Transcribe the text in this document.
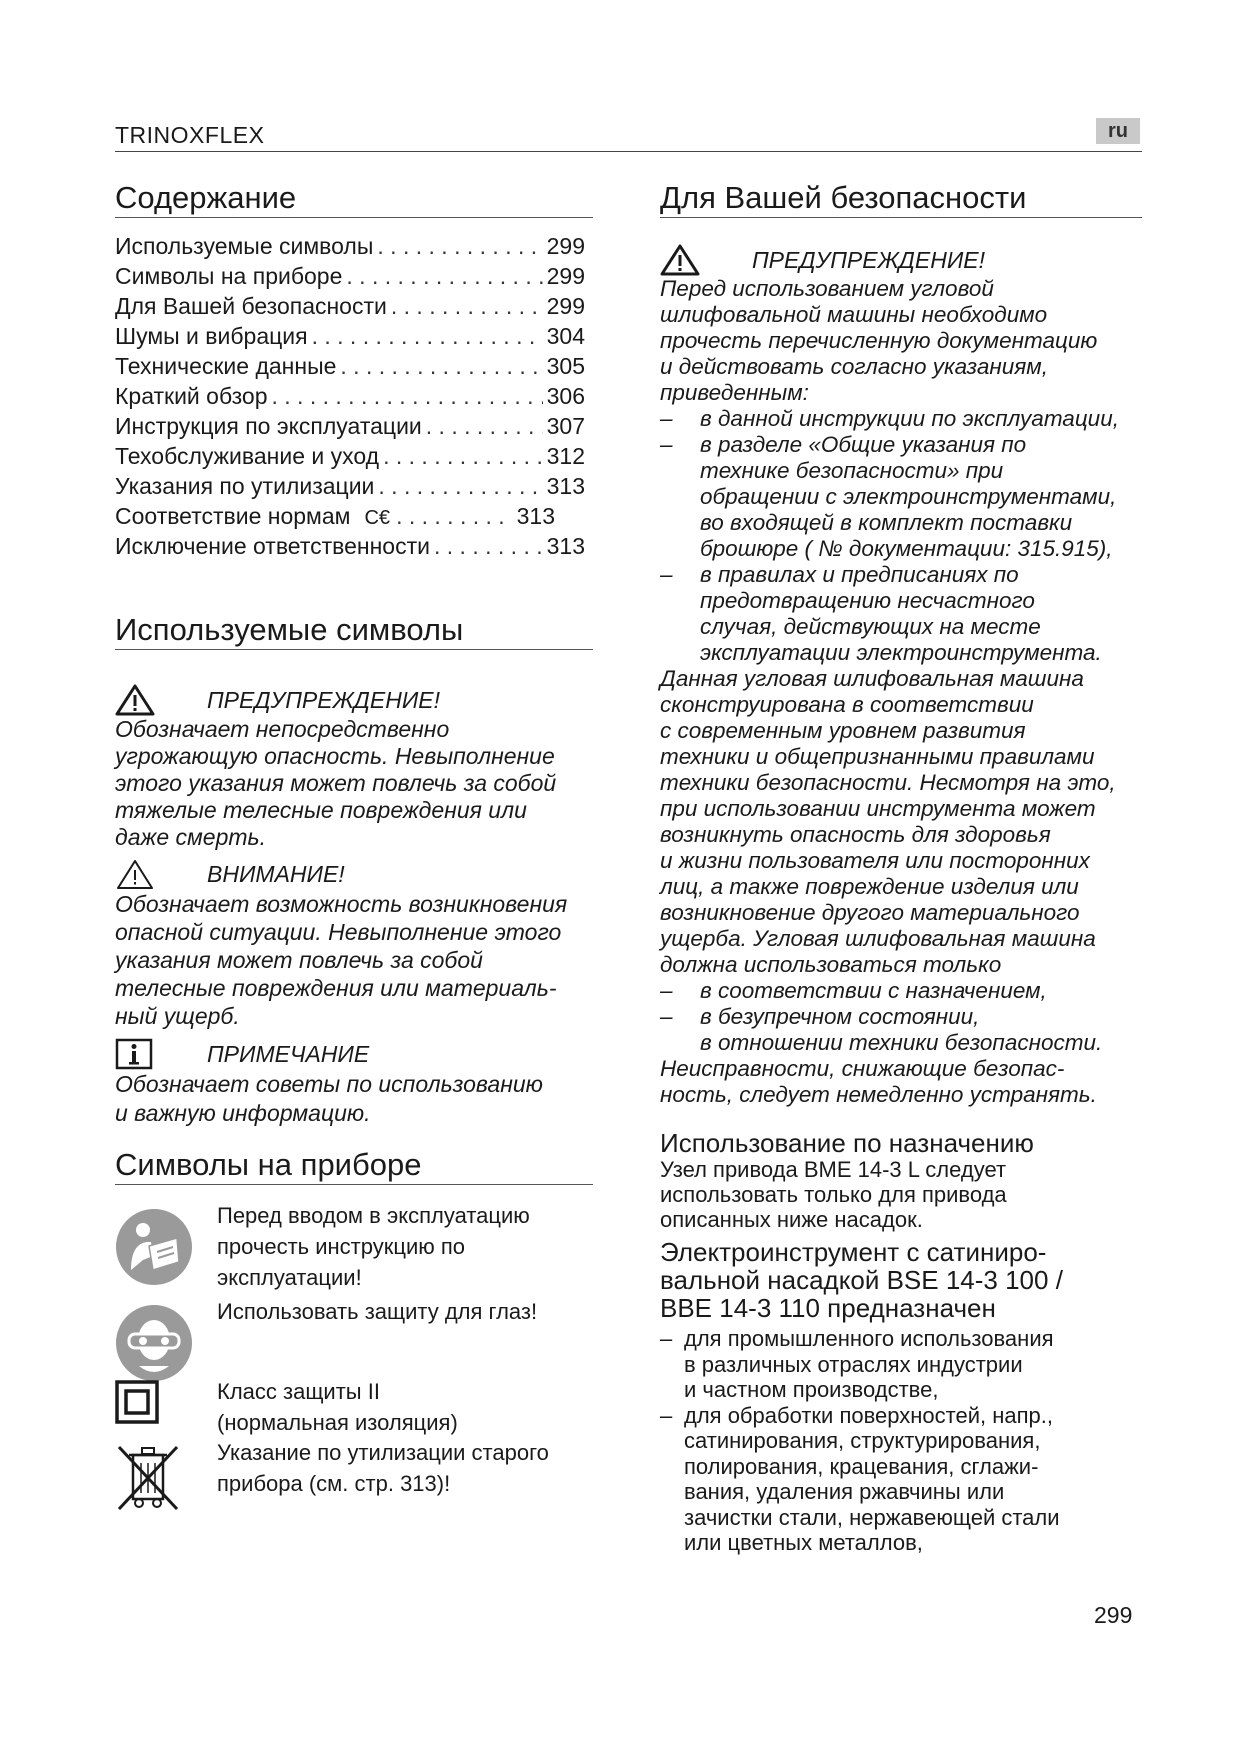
TRINOXFLEX	ru
Содержание
Используемые символы . . .	299
Символы на приборе . . .	299
Для Вашей безопасности . . .	299
Шумы и вибрация . . .	304
Технические данные . . .	305
Краткий обзор . . .	306
Инструкция по эксплуатации . . .	307
Техобслуживание и уход . . .	312
Указания по утилизации . . .	313
Соответствие нормам C€ . . .	313
Исключение ответственности . . .	313
Используемые символы
ПРЕДУПРЕЖДЕНИЕ!
Обозначает непосредственно
угрожающую опасность. Невыполнение
этого указания может повлечь за собой
тяжелые телесные повреждения или
даже смерть.
ВНИМАНИЕ!
Обозначает возможность возникновения
опасной ситуации. Невыполнение этого
указания может повлечь за собой
телесные повреждения или материаль-
ный ущерб.
ПРИМЕЧАНИЕ
Обозначает советы по использованию
и важную информацию.
Символы на приборе
Перед вводом в эксплуатацию
прочесть инструкцию по
эксплуатации!
Использовать защиту для глаз!
Класс защиты II
(нормальная изоляция)
Указание по утилизации старого
прибора (см. стр. 313)!
Для Вашей безопасности
ПРЕДУПРЕЖДЕНИЕ!
Перед использованием угловой
шлифовальной машины необходимо
прочесть перечисленную документацию
и действовать согласно указаниям,
приведенным:
– в данной инструкции по эксплуатации,
– в разделе «Общие указания по
технике безопасности» при
обращении с электроинструментами,
во входящей в комплект поставки
брошюре ( № документации: 315.915),
– в правилах и предписаниях по
предотвращению несчастного
случая, действующих на месте
эксплуатации электроинструмента.
Данная угловая шлифовальная машина
сконструирована в соответствии
с современным уровнем развития
техники и общепризнанными правилами
техники безопасности. Несмотря на это,
при использовании инструмента может
возникнуть опасность для здоровья
и жизни пользователя или посторонних
лиц, а также повреждение изделия или
возникновение другого материального
ущерба. Угловая шлифовальная машина
должна использоваться только
– в соответствии с назначением,
– в безупречном состоянии,
в отношении техники безопасности.
Неисправности, снижающие безопас-
ность, следует немедленно устранять.
Использование по назначению
Узел привода BME 14-3 L следует
использовать только для привода
описанных ниже насадок.
Электроинструмент с сатиниро-
вальной насадкой BSE 14-3 100 /
BBE 14-3 110 предназначен
– для промышленного использования
в различных отраслях индустрии
и частном производстве,
– для обработки поверхностей, напр.,
сатинирования, структурирования,
полирования, крацевания, сглажи-
вания, удаления ржавчины или
зачистки стали, нержавеющей стали
или цветных металлов,
299
